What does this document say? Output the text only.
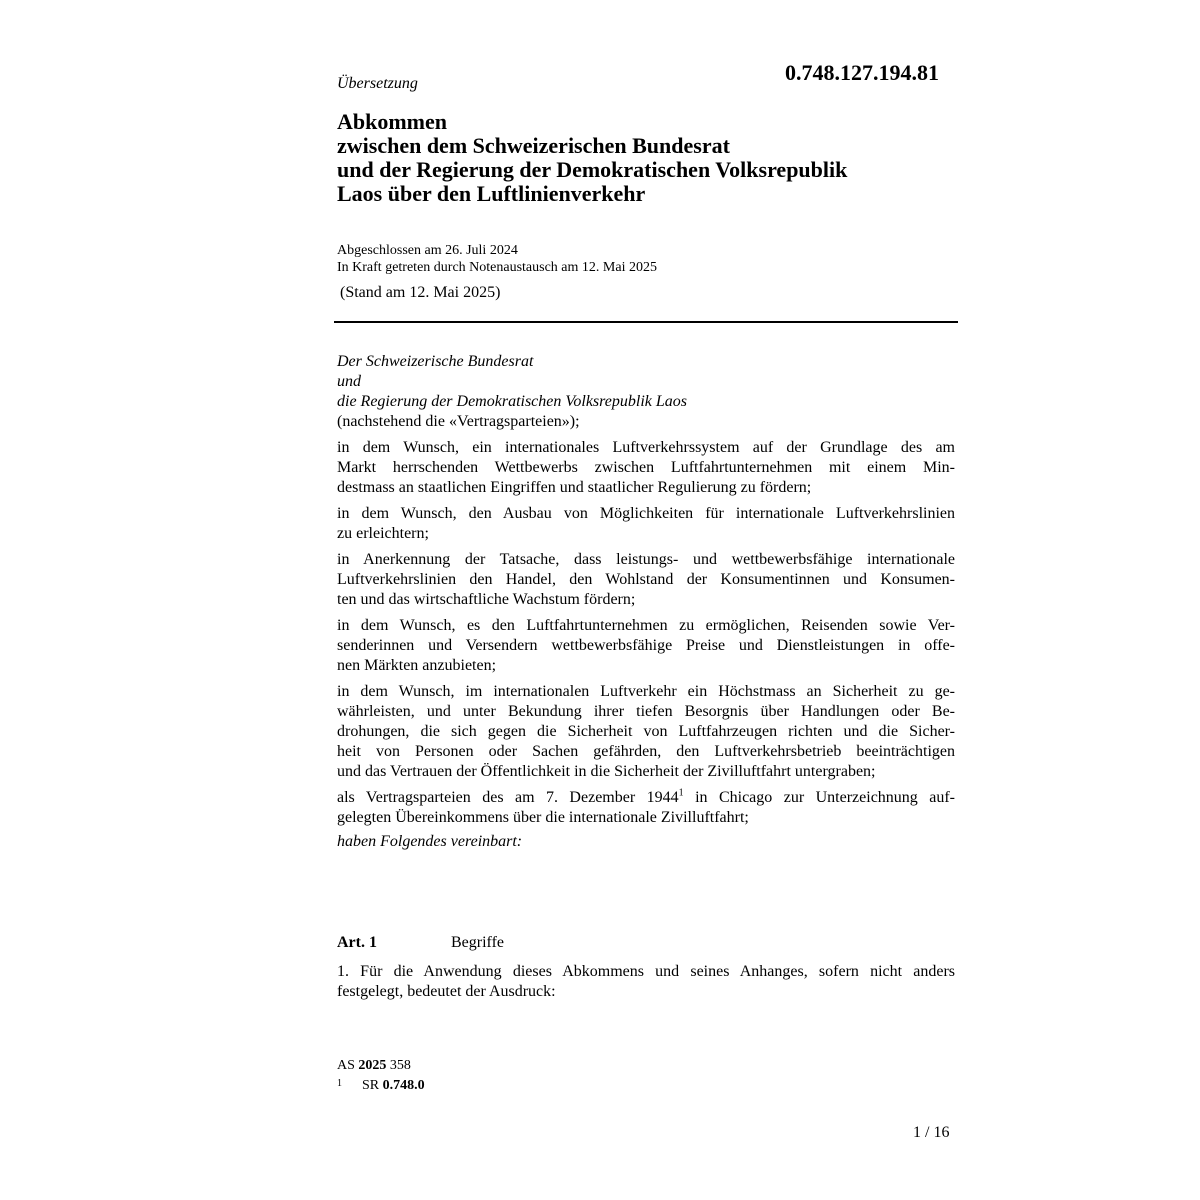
0.748.127.194.81
Übersetzung
Abkommen
zwischen dem Schweizerischen Bundesrat
und der Regierung der Demokratischen Volksrepublik
Laos über den Luftlinienverkehr
Abgeschlossen am 26. Juli 2024
In Kraft getreten durch Notenaustausch am 12. Mai 2025
(Stand am 12. Mai 2025)
Der Schweizerische Bundesrat
und
die Regierung der Demokratischen Volksrepublik Laos
(nachstehend die «Vertragsparteien»);
in dem Wunsch, ein internationales Luftverkehrssystem auf der Grundlage des am
Markt herrschenden Wettbewerbs zwischen Luftfahrtunternehmen mit einem Min-
destmass an staatlichen Eingriffen und staatlicher Regulierung zu fördern;
in dem Wunsch, den Ausbau von Möglichkeiten für internationale Luftverkehrslinien
zu erleichtern;
in Anerkennung der Tatsache, dass leistungs- und wettbewerbsfähige internationale
Luftverkehrslinien den Handel, den Wohlstand der Konsumentinnen und Konsumen-
ten und das wirtschaftliche Wachstum fördern;
in dem Wunsch, es den Luftfahrtunternehmen zu ermöglichen, Reisenden sowie Ver-
senderinnen und Versendern wettbewerbsfähige Preise und Dienstleistungen in offe-
nen Märkten anzubieten;
in dem Wunsch, im internationalen Luftverkehr ein Höchstmass an Sicherheit zu ge-
währleisten, und unter Bekundung ihrer tiefen Besorgnis über Handlungen oder Be-
drohungen, die sich gegen die Sicherheit von Luftfahrzeugen richten und die Sicher-
heit von Personen oder Sachen gefährden, den Luftverkehrsbetrieb beeinträchtigen
und das Vertrauen der Öffentlichkeit in die Sicherheit der Zivilluftfahrt untergraben;
als Vertragsparteien des am 7. Dezember 1944$^1$ in Chicago zur Unterzeichnung auf-
gelegten Übereinkommens über die internationale Zivilluftfahrt;
haben Folgendes vereinbart:
Art. 1	Begriffe
1. Für die Anwendung dieses Abkommens und seines Anhanges, sofern nicht anders
festgelegt, bedeutet der Ausdruck:
AS 2025 358
$^1$ SR 0.748.0
1 / 16
